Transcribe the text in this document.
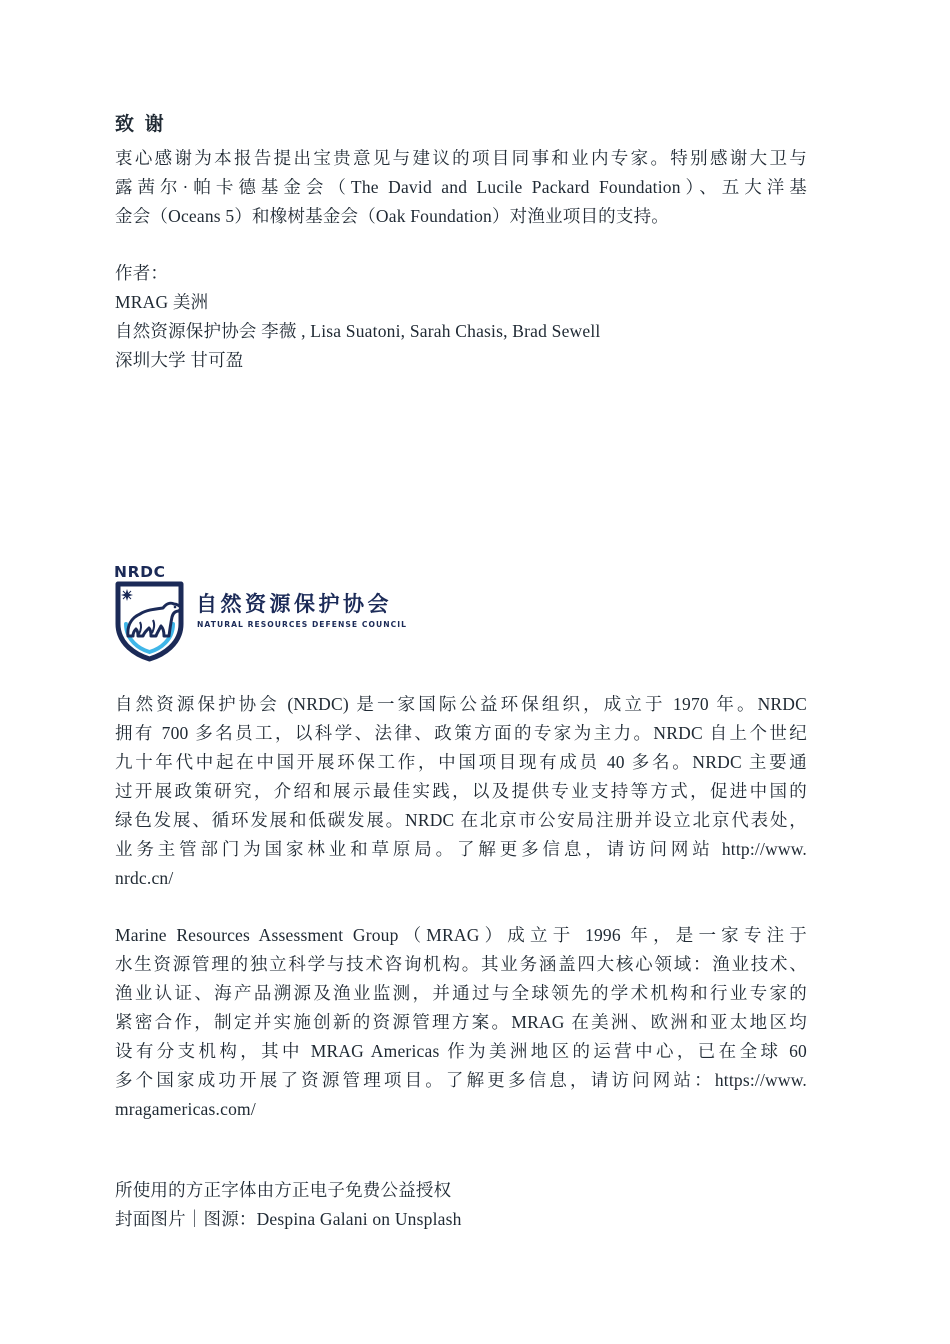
致 谢
衷心感谢为本报告提出宝贵意见与建议的项目同事和业内专家。特别感谢大卫与
露茜尔·帕卡德基金会（The David and Lucile Packard Foundation）、五大洋基
金会（Oceans 5）和橡树基金会（Oak Foundation）对渔业项目的支持。
作者：
MRAG 美洲
自然资源保护协会 李薇 , Lisa Suatoni, Sarah Chasis, Brad Sewell
深圳大学 甘可盈
NRDC
自然资源保护协会
NATURAL RESOURCES DEFENSE COUNCIL
自然资源保护协会 (NRDC) 是一家国际公益环保组织，成立于 1970 年。NRDC
拥有 700 多名员工，以科学、法律、政策方面的专家为主力。NRDC 自上个世纪
九十年代中起在中国开展环保工作，中国项目现有成员 40 多名。NRDC 主要通
过开展政策研究，介绍和展示最佳实践，以及提供专业支持等方式，促进中国的
绿色发展、循环发展和低碳发展。NRDC 在北京市公安局注册并设立北京代表处，
业务主管部门为国家林业和草原局。了解更多信息，请访问网站 http://www.
nrdc.cn/
Marine Resources Assessment Group（MRAG）成立于 1996 年，是一家专注于
水生资源管理的独立科学与技术咨询机构。其业务涵盖四大核心领域：渔业技术、
渔业认证、海产品溯源及渔业监测，并通过与全球领先的学术机构和行业专家的
紧密合作，制定并实施创新的资源管理方案。MRAG 在美洲、欧洲和亚太地区均
设有分支机构，其中 MRAG Americas 作为美洲地区的运营中心，已在全球 60
多个国家成功开展了资源管理项目。了解更多信息，请访问网站：https://www.
mragamericas.com/
所使用的方正字体由方正电子免费公益授权
封面图片｜图源：Despina Galani on Unsplash
